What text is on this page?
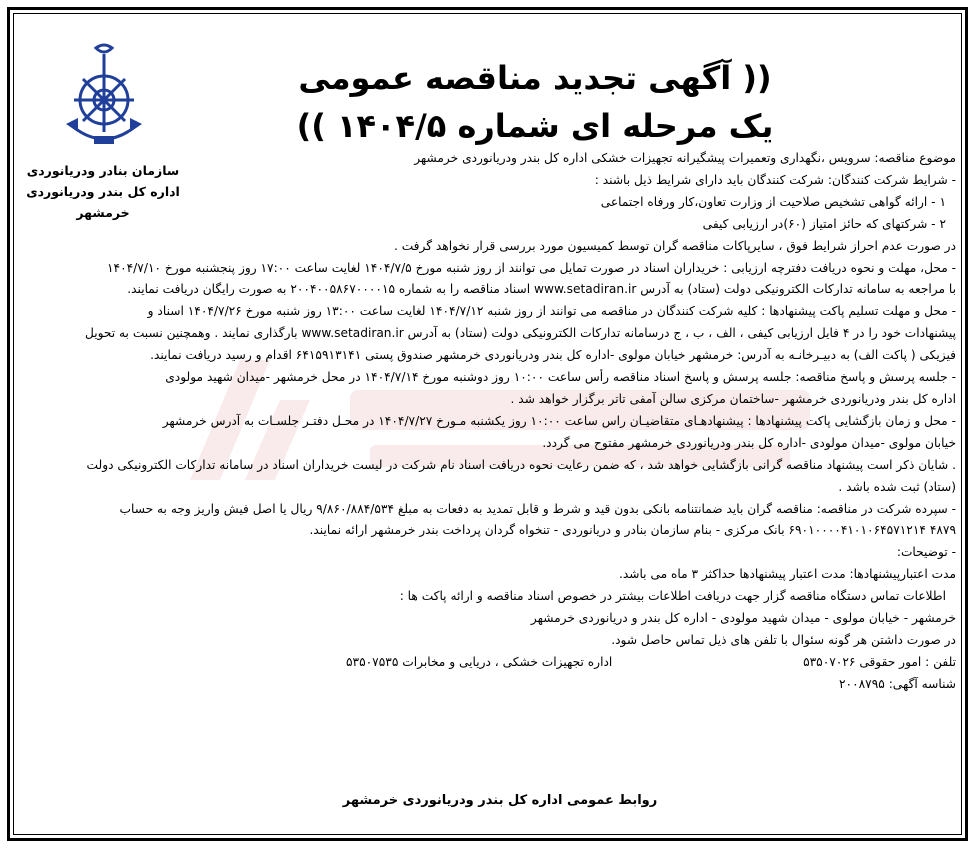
سازمان بنادر ودریانوردی
اداره کل بندر ودریانوردی
خرمشهر
(( آگهی تجدید مناقصه عمومی
یک مرحله ای شماره ۱۴۰۴/۵ ))
موضوع مناقصه: سرویس ،نگهداری وتعمیرات پیشگیرانه تجهیزات خشکی اداره کل بندر ودریانوردی خرمشهر
- شرایط شرکت کنندگان: شرکت کنندگان باید دارای شرایط ذیل باشند :
۱ - ارائه گواهی تشخیص صلاحیت از وزارت تعاون،کار ورفاه اجتماعی
۲ - شرکتهای که حائز امتیاز (۶۰)در ارزیابی کیفی
در صورت عدم احراز شرایط فوق ، سایرپاکات مناقصه گران توسط کمیسیون مورد بررسی قرار نخواهد گرفت .
- محل، مهلت و نحوه دریافت دفترچه ارزیابی : خریداران اسناد در صورت تمایل می توانند از روز شنبه مورخ ۱۴۰۴/۷/۵ لغایت ساعت ۱۷:۰۰ روز پنجشنبه مورخ ۱۴۰۴/۷/۱۰
با مراجعه به سامانه تدارکات الکترونیکی دولت (ستاد) به آدرس www.setadiran.ir اسناد مناقصه را به شماره ۲۰۰۴۰۰۵۸۶۷۰۰۰۰۱۵ به صورت رایگان دریافت نمایند.
- محل و مهلت تسلیم پاکت پیشنهادها : کلیه شرکت کنندگان در مناقصه می توانند از روز شنبه ۱۴۰۴/۷/۱۲ لغایت ساعت ۱۳:۰۰ روز شنبه مورخ ۱۴۰۴/۷/۲۶ اسناد و
پیشنهادات خود را در ۴ فایل ارزیابی کیفی ، الف ، ب ، ج درسامانه تدارکات الکترونیکی دولت (ستاد) به آدرس www.setadiran.ir بارگذاری نمایند . وهمچنین نسبت به تحویل
فیزیکی ( پاکت الف) به دبیـرخانـه به آدرس: خرمشهر خیابان مولوی -اداره کل بندر ودریانوردی خرمشهر صندوق پستی ۶۴۱۵۹۱۳۱۴۱ اقدام و رسید دریافت نمایند.
- جلسه پرسش و پاسخ مناقصه: جلسه پرسش و پاسخ اسناد مناقصه رأس ساعت ۱۰:۰۰ روز دوشنبه مورخ ۱۴۰۴/۷/۱۴ در محل خرمشهر -میدان شهید مولودی
اداره کل بندر ودریانوردی خرمشهر -ساختمان مرکزی سالن آمفی تاتر برگزار خواهد شد .
- محل و زمان بازگشایی پاکت پیشنهادها : پیشنهادهـای متقاضیـان راس ساعت ۱۰:۰۰ روز یکشنبه مـورخ ۱۴۰۴/۷/۲۷ در محـل دفتـر جلسـات به آدرس خرمشهر
خیابان مولوی -میدان مولودی -اداره کل بندر ودریانوردی خرمشهر مفتوح می گردد.
. شایان ذکر است پیشنهاد مناقصه گرانی بازگشایی خواهد شد ، که ضمن رعایت نحوه دریافت اسناد نام شرکت در لیست خریداران اسناد در سامانه تدارکات الکترونیکی دولت
(ستاد) ثبت شده باشد .
- سپرده شرکت در مناقصه: مناقصه گران باید ضمانتنامه بانکی بدون قید و شرط و قابل تمدید به دفعات به مبلغ ۹/۸۶۰/۸۸۴/۵۳۴ ریال یا اصل فیش واریز وجه به حساب
۴۸۷۹ ۶۹۰۱۰۰۰۰۴۱۰۱۰۶۴۵۷۱۲۱۴ بانک مرکزی - بنام سازمان بنادر و دریانوردی - تنخواه گردان پرداخت بندر خرمشهر ارائه نمایند.
- توضیحات:
مدت اعتبارپیشنهادها: مدت اعتبار پیشنهادها حداکثر ۳ ماه می باشد.
اطلاعات تماس دستگاه مناقصه گزار جهت دریافت اطلاعات بیشتر در خصوص اسناد مناقصه و ارائه پاکت ها :
خرمشهر - خیابان مولوی - میدان شهید مولودی - اداره کل بندر و دریانوردی خرمشهر
در صورت داشتن هر گونه سئوال با تلفن های ذیل تماس حاصل شود.
تلفن : امور حقوقی ۵۳۵۰۷۰۲۶
اداره تجهیزات خشکی ، دریایی و مخابرات ۵۳۵۰۷۵۳۵
شناسه آگهی: ۲۰۰۸۷۹۵
روابط عمومی اداره کل بندر ودریانوردی خرمشهر
